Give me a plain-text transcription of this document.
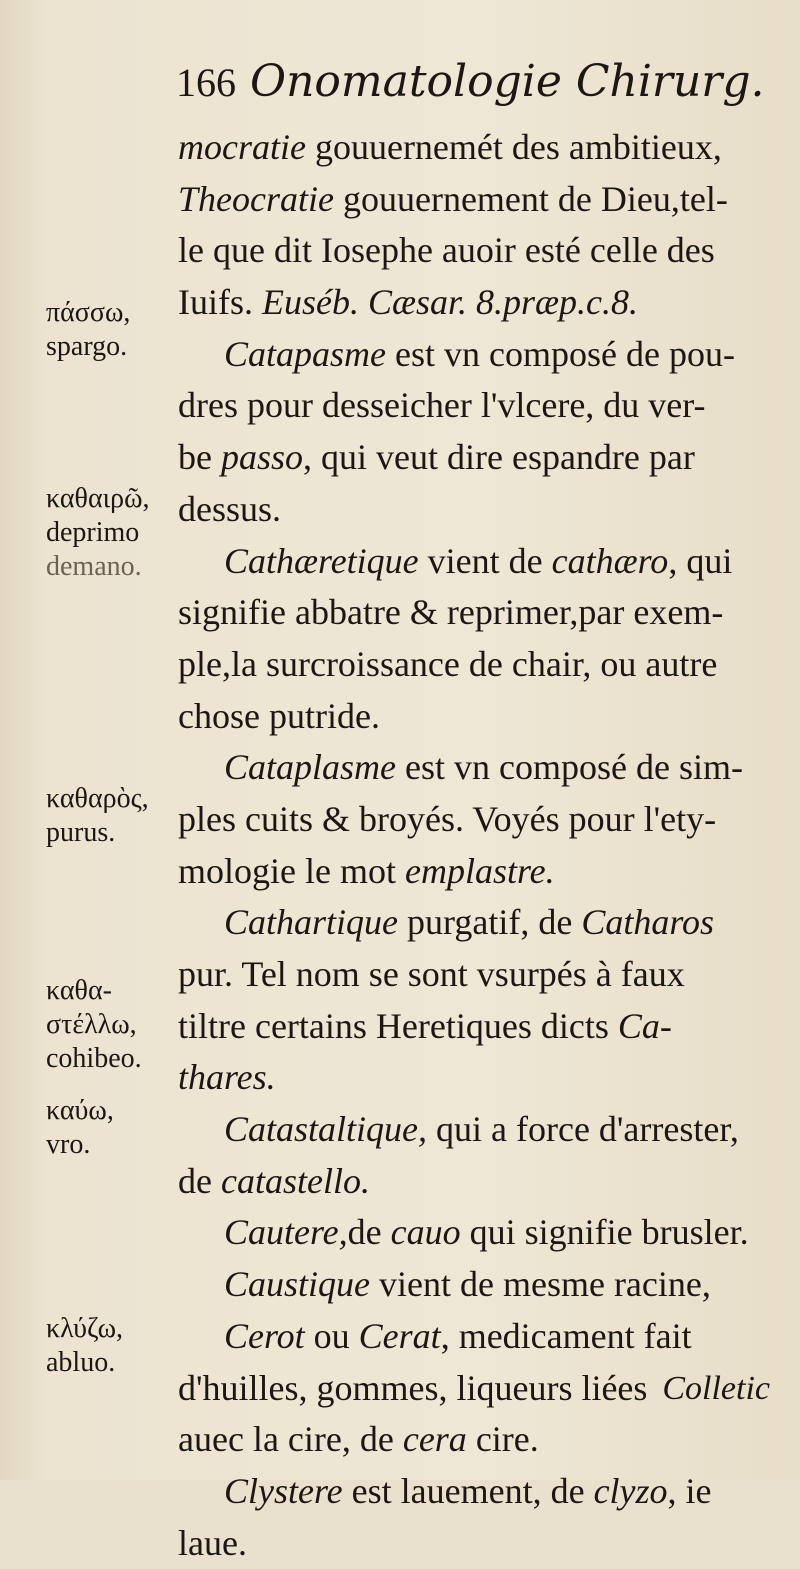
166 Onomatologie Chirurg.
mocratie gouuernemét des ambitieux,
Theocratie gouuernement de Dieu,tel-
le que dit Iosephe auoir esté celle des
Iuifs. Euséb. Cæsar. 8.præp.c.8.
Catapasme est vn composé de pou-
dres pour desseicher l'vlcere, du ver-
be passo, qui veut dire espandre par
dessus.
Cathæretique vient de cathæro, qui
signifie abbatre & reprimer,par exem-
ple,la surcroissance de chair, ou autre
chose putride.
Cataplasme est vn composé de sim-
ples cuits & broyés. Voyés pour l'ety-
mologie le mot emplastre.
Cathartique purgatif, de Catharos
pur. Tel nom se sont vsurpés à faux
tiltre certains Heretiques dicts Ca-
thares.
Catastaltique, qui a force d'arrester,
de catastello.
Cautere,de cauo qui signifie brusler.
Caustique vient de mesme racine,
Cerot ou Cerat, medicament fait
d'huilles, gommes, liqueurs liées
auec la cire, de cera cire.
Clystere est lauement, de clyzo, ie
laue.
πάσσω,
spargo.
καθαιρῶ,
deprimo
demano.
καθαρὸς,
purus.
καθα-
στέλλω,
cohibeo.
καύω,
vro.
κλύζω,
abluo.
Colletic
